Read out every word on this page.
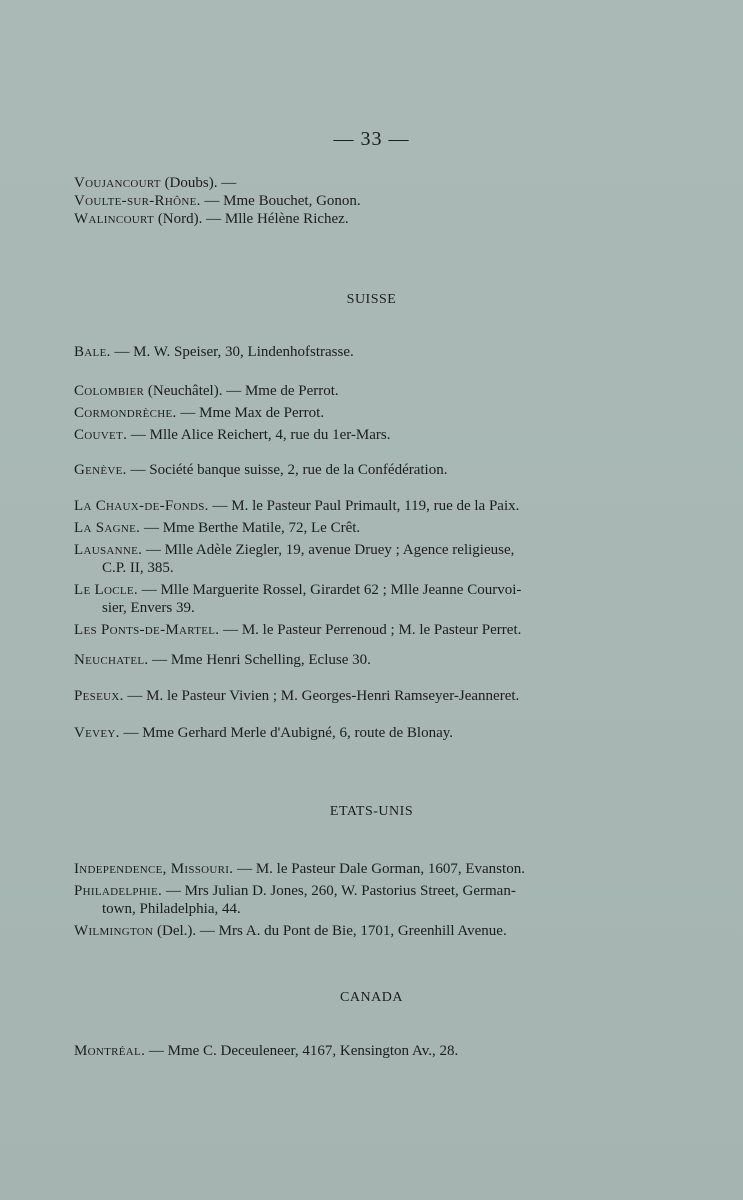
— 33 —

Voujancourt (Doubs). —

Voulte-sur-Rhône. — Mme Bouchet, Gonon.

Walincourt (Nord). — Mlle Hélène Richez.

SUISSE

Bale. — M. W. Speiser, 30, Lindenhofstrasse.

Colombier (Neuchâtel). — Mme de Perrot.

Cormondrèche. — Mme Max de Perrot.

Couvet. — Mlle Alice Reichert, 4, rue du 1er-Mars.

Genève. — Société banque suisse, 2, rue de la Confédération.

La Chaux-de-Fonds. — M. le Pasteur Paul Primault, 119, rue de la Paix.

La Sagne. — Mme Berthe Matile, 72, Le Crêt.

Lausanne. — Mlle Adèle Ziegler, 19, avenue Druey ; Agence religieuse,
C.P. II, 385.

Le Locle. — Mlle Marguerite Rossel, Girardet 62 ; Mlle Jeanne Courvoi-
sier, Envers 39.

Les Ponts-de-Martel. — M. le Pasteur Perrenoud ; M. le Pasteur Perret.

Neuchatel. — Mme Henri Schelling, Ecluse 30.

Peseux. — M. le Pasteur Vivien ; M. Georges-Henri Ramseyer-Jeanneret.

Vevey. — Mme Gerhard Merle d'Aubigné, 6, route de Blonay.

ETATS-UNIS

Independence, Missouri. — M. le Pasteur Dale Gorman, 1607, Evanston.

Philadelphie. — Mrs Julian D. Jones, 260, W. Pastorius Street, German-
town, Philadelphia, 44.

Wilmington (Del.). — Mrs A. du Pont de Bie, 1701, Greenhill Avenue.

CANADA

Montréal. — Mme C. Deceuleneer, 4167, Kensington Av., 28.
